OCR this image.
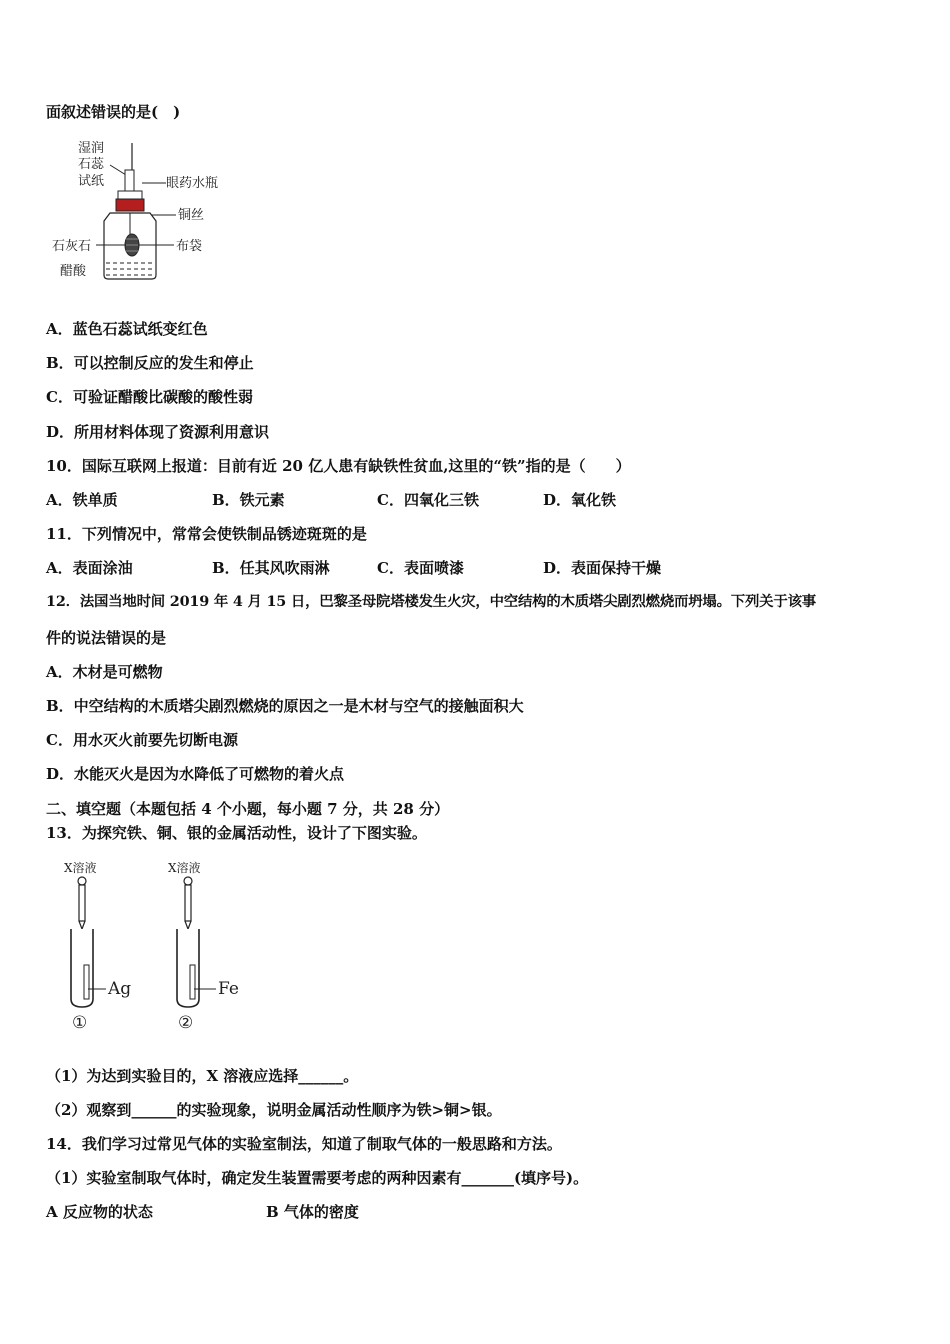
面叙述错误的是(　)
湿润
石蕊
试纸	眼药水瓶
铜丝
布袋
石灰石
醋酸
A．蓝色石蕊试纸变红色
B．可以控制反应的发生和停止
C．可验证醋酸比碳酸的酸性弱
D．所用材料体现了资源利用意识
10．国际互联网上报道：目前有近 20 亿人患有缺铁性贫血,这里的“铁”指的是（　　）
A．铁单质	B．铁元素	C．四氧化三铁	D．氧化铁
11．下列情况中，常常会使铁制品锈迹斑斑的是
A．表面涂油	B．任其风吹雨淋	C．表面喷漆	D．表面保持干燥
12．法国当地时间 2019 年 4 月 15 日，巴黎圣母院塔楼发生火灾，中空结构的木质塔尖剧烈燃烧而坍塌。下列关于该事
件的说法错误的是
A．木材是可燃物
B．中空结构的木质塔尖剧烈燃烧的原因之一是木材与空气的接触面积大
C．用水灭火前要先切断电源
D．水能灭火是因为水降低了可燃物的着火点
二、填空题（本题包括 4 个小题，每小题 7 分，共 28 分）
13．为探究铁、铜、银的金属活动性，设计了下图实验。
X溶液
Ag
①
X溶液
Fe
②
（1）为达到实验目的，X 溶液应选择______。
（2）观察到______的实验现象，说明金属活动性顺序为铁>铜>银。
14．我们学习过常见气体的实验室制法，知道了制取气体的一般思路和方法。
（1）实验室制取气体时，确定发生装置需要考虑的两种因素有_______(填序号)。
A 反应物的状态	B 气体的密度
